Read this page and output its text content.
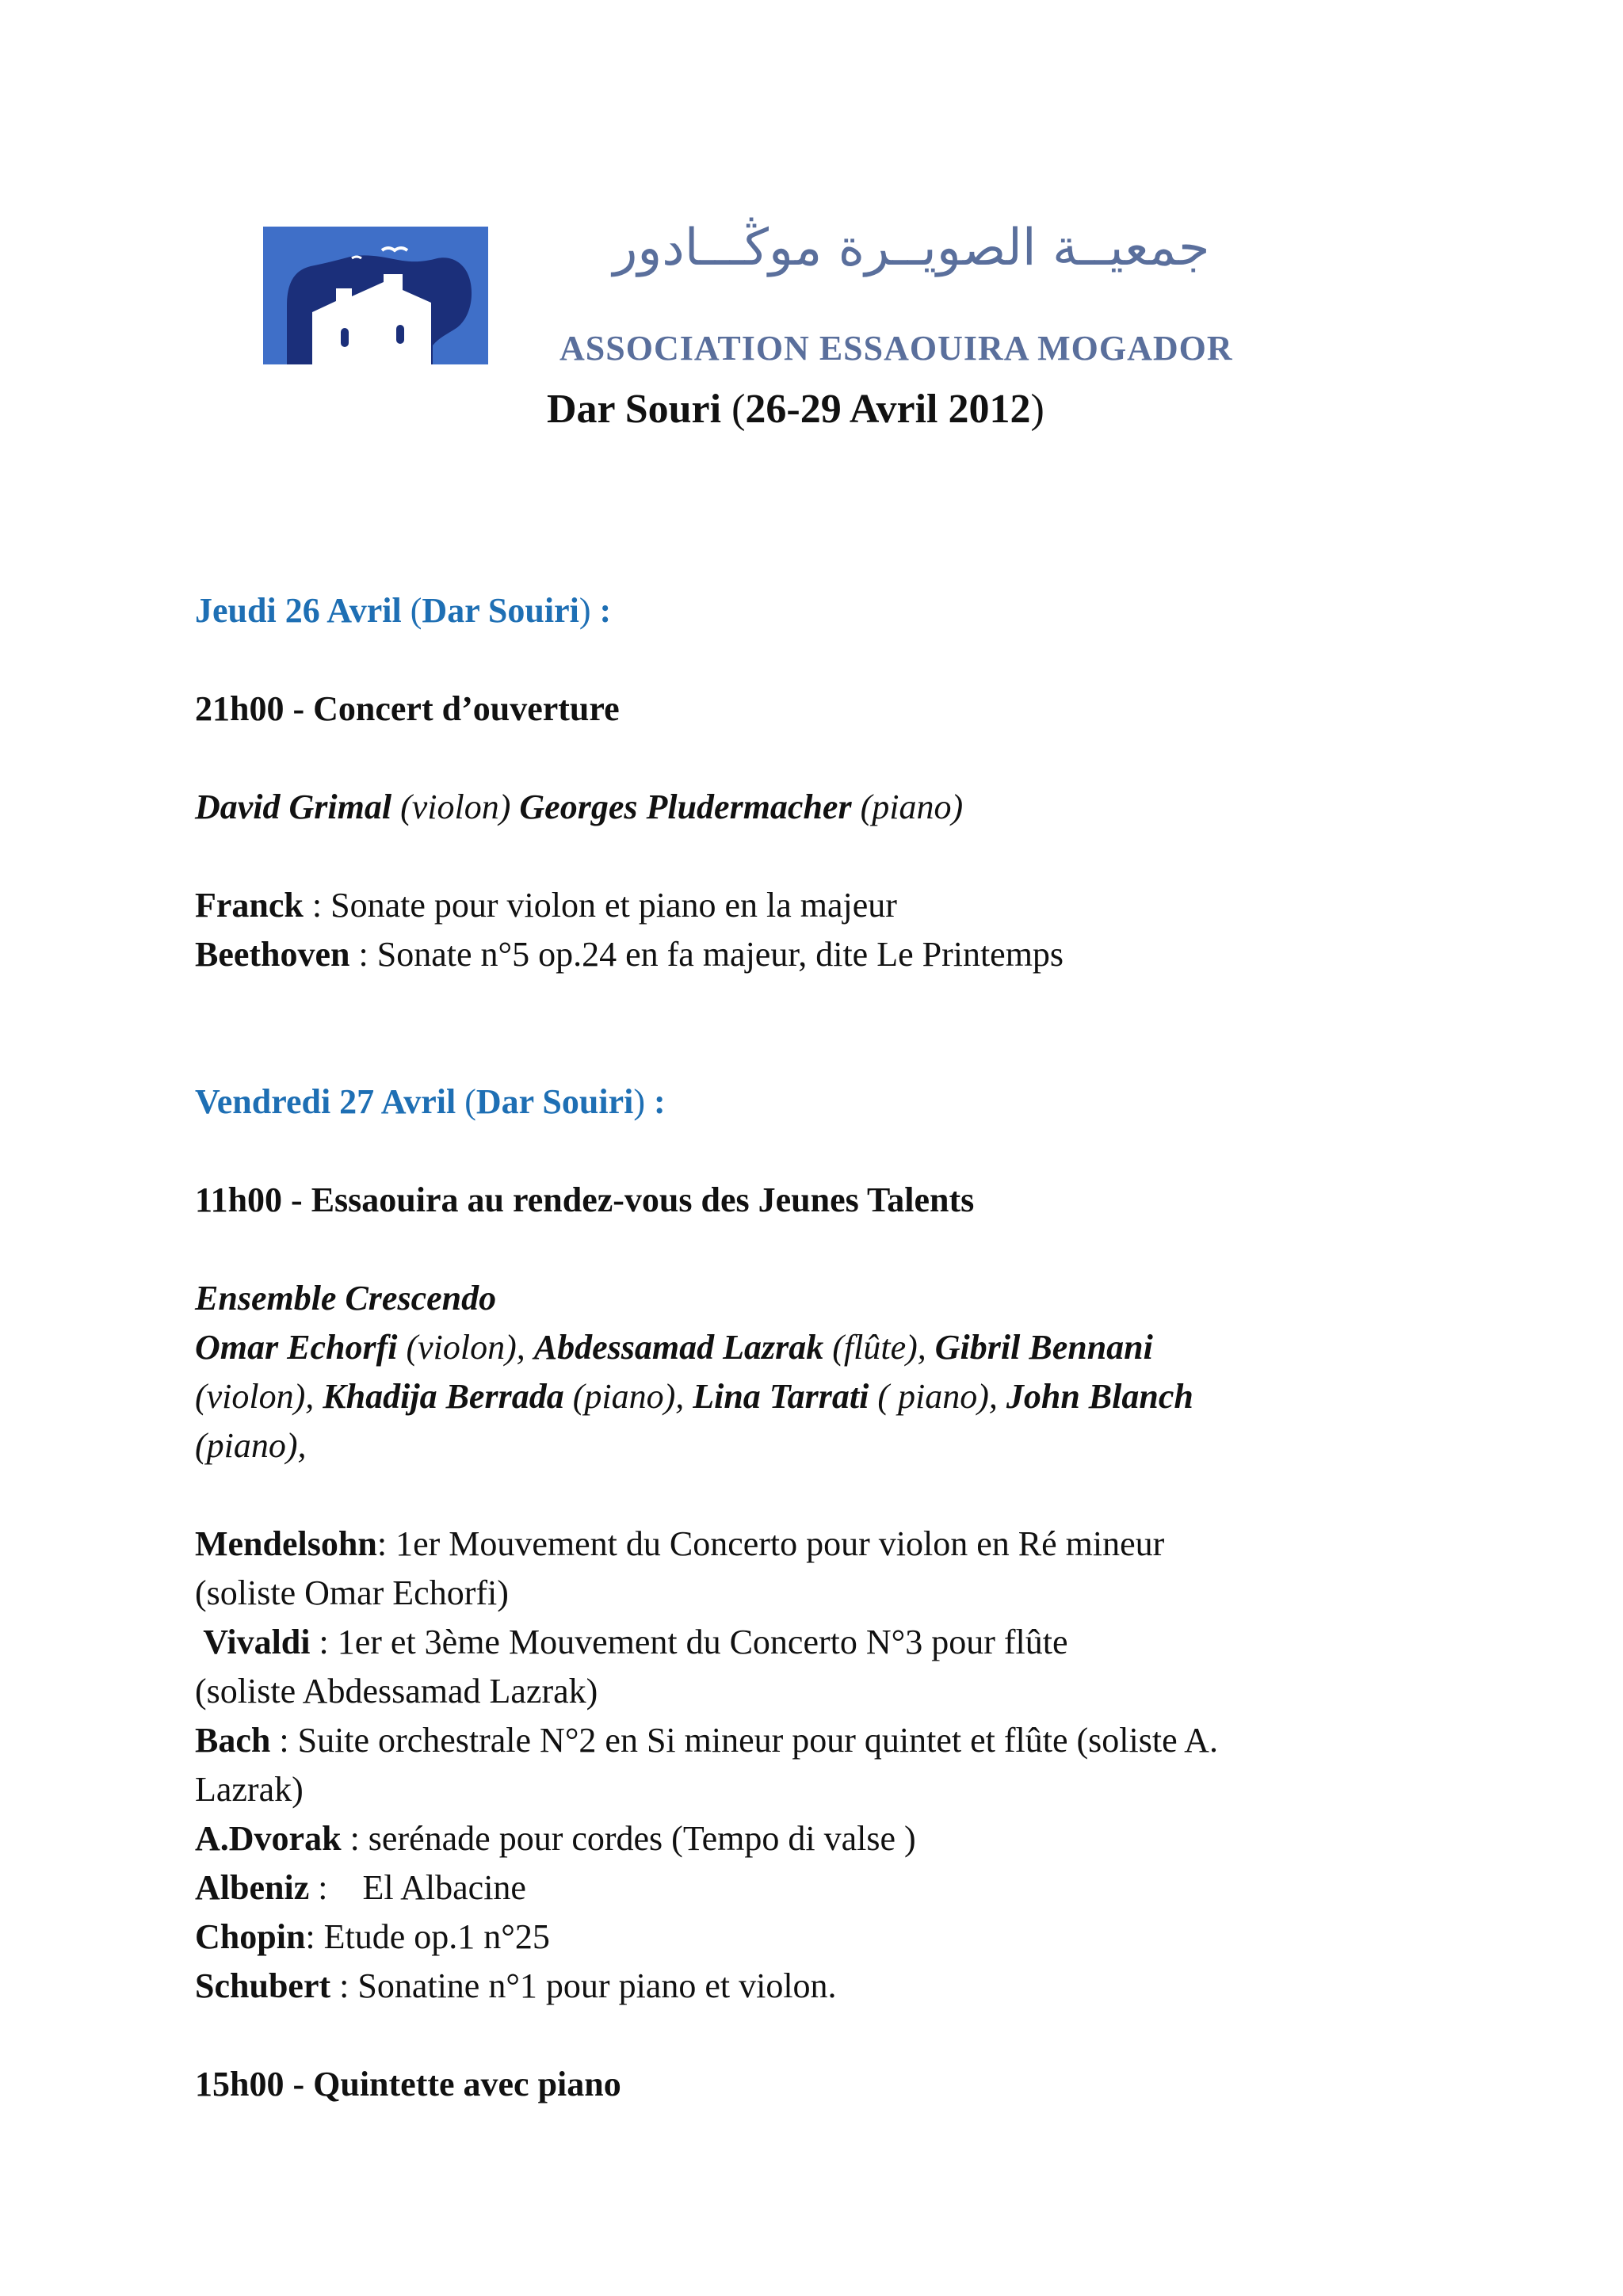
جمعيــة الصويــرة موڭـــادور
ASSOCIATION ESSAOUIRA MOGADOR
Dar Souri (26-29 Avril 2012)
Jeudi 26 Avril (Dar Souiri) :
21h00 - Concert d’ouverture
David Grimal (violon) Georges Pludermacher (piano)
Franck : Sonate pour violon et piano en la majeur
Beethoven : Sonate n°5 op.24 en fa majeur, dite Le Printemps
Vendredi 27 Avril (Dar Souiri) :
11h00 - Essaouira au rendez-vous des Jeunes Talents
Ensemble Crescendo
Omar Echorfi (violon), Abdessamad Lazrak (flûte), Gibril Bennani
(violon), Khadija Berrada (piano), Lina Tarrati ( piano), John Blanch
(piano),
Mendelsohn: 1er Mouvement du Concerto pour violon en Ré mineur
(soliste Omar Echorfi)
Vivaldi : 1er et 3ème Mouvement du Concerto N°3 pour flûte
(soliste Abdessamad Lazrak)
Bach : Suite orchestrale N°2 en Si mineur pour quintet et flûte (soliste A.
Lazrak)
A.Dvorak : serénade pour cordes (Tempo di valse )
Albeniz :    El Albacine
Chopin: Etude op.1 n°25
Schubert : Sonatine n°1 pour piano et violon.
15h00 - Quintette avec piano
